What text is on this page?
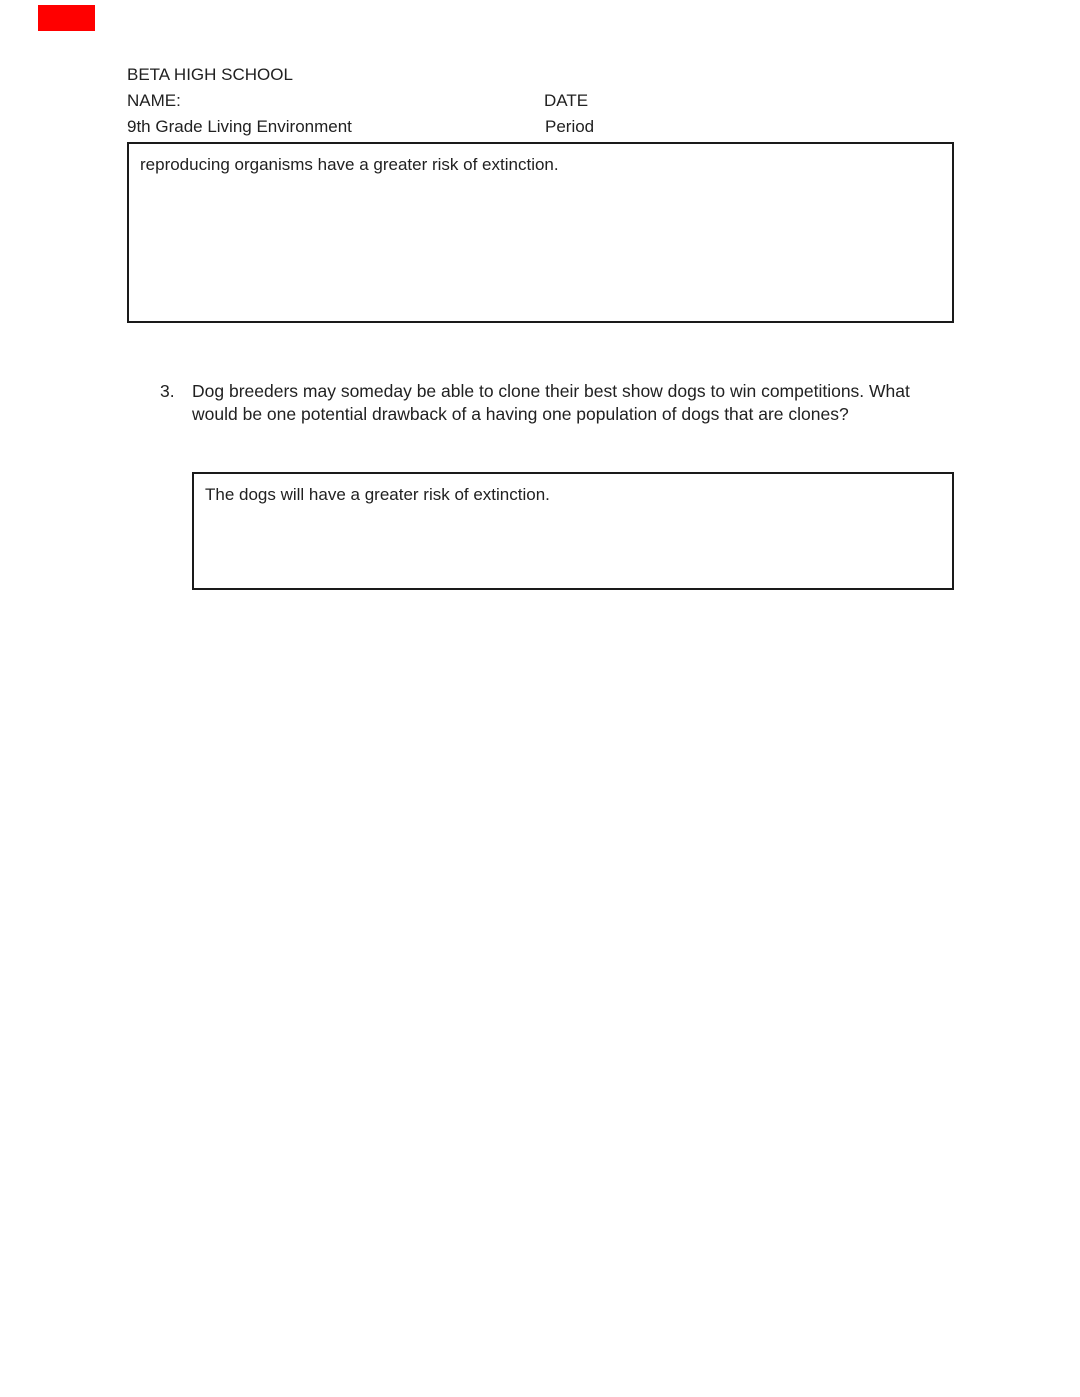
BETA HIGH SCHOOL
NAME:	DATE
9th Grade Living Environment	Period
reproducing organisms have a greater risk of extinction.
3. Dog breeders may someday be able to clone their best show dogs to win competitions. What would be one potential drawback of a having one population of dogs that are clones?
The dogs will have a greater risk of extinction.
